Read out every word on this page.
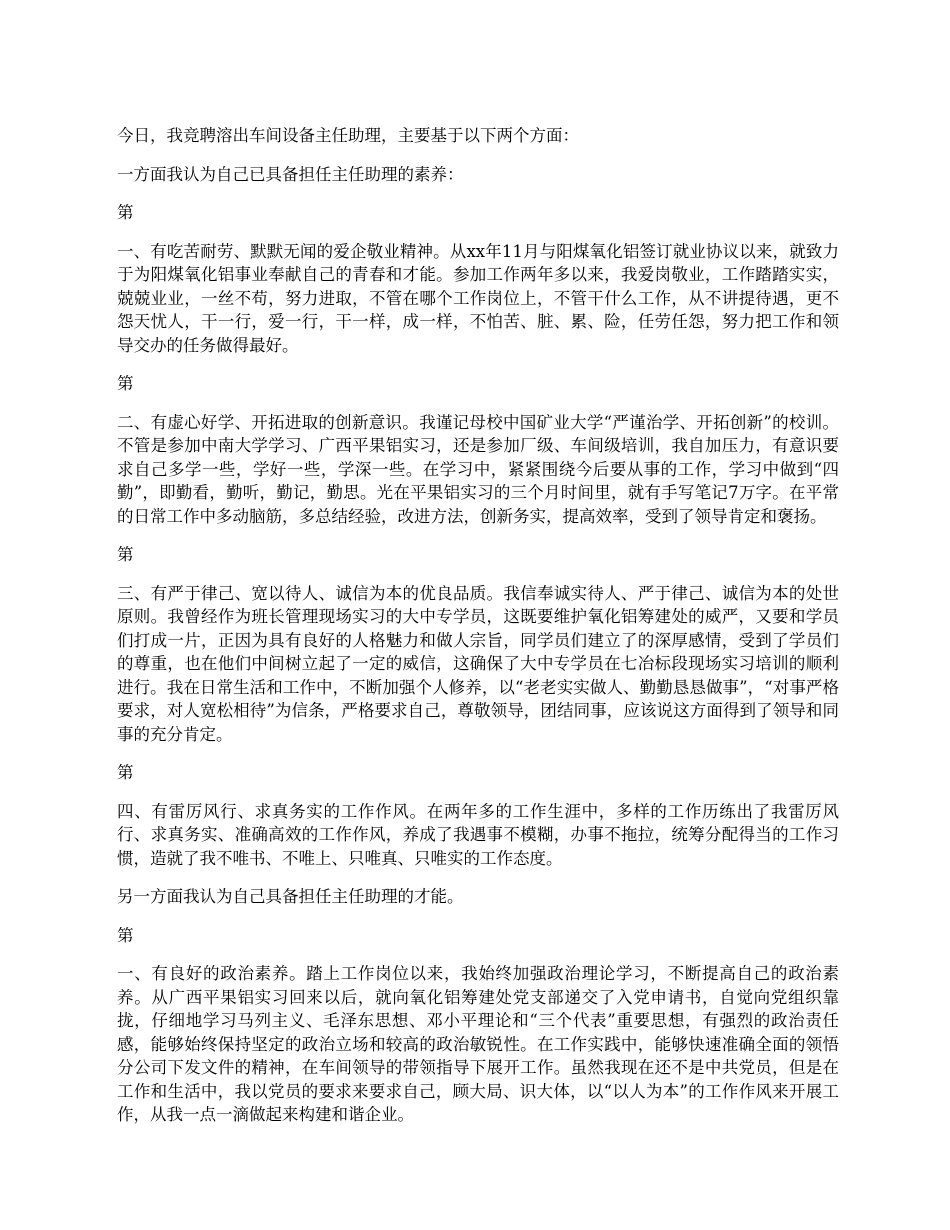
今日，我竞聘溶出车间设备主任助理，主要基于以下两个方面：

一方面我认为自己已具备担任主任助理的素养：

第

一、有吃苦耐劳、默默无闻的爱企敬业精神。从xx年11月与阳煤氧化铝签订就业协议以来，就致力于为阳煤氧化铝事业奉献自己的青春和才能。参加工作两年多以来，我爱岗敬业，工作踏踏实实，兢兢业业，一丝不苟，努力进取，不管在哪个工作岗位上，不管干什么工作，从不讲提待遇，更不怨天忧人，干一行，爱一行，干一样，成一样，不怕苦、脏、累、险，任劳任怨，努力把工作和领导交办的任务做得最好。

第

二、有虚心好学、开拓进取的创新意识。我谨记母校中国矿业大学“严谨治学、开拓创新”的校训。不管是参加中南大学学习、广西平果铝实习，还是参加厂级、车间级培训，我自加压力，有意识要求自己多学一些，学好一些，学深一些。在学习中，紧紧围绕今后要从事的工作，学习中做到“四勤”，即勤看，勤听，勤记，勤思。光在平果铝实习的三个月时间里，就有手写笔记7万字。在平常的日常工作中多动脑筋，多总结经验，改进方法，创新务实，提高效率，受到了领导肯定和褒扬。

第

三、有严于律己、宽以待人、诚信为本的优良品质。我信奉诚实待人、严于律己、诚信为本的处世原则。我曾经作为班长管理现场实习的大中专学员，这既要维护氧化铝筹建处的威严，又要和学员们打成一片，正因为具有良好的人格魅力和做人宗旨，同学员们建立了的深厚感情，受到了学员们的尊重，也在他们中间树立起了一定的威信，这确保了大中专学员在七冶标段现场实习培训的顺利进行。我在日常生活和工作中，不断加强个人修养，以“老老实实做人、勤勤恳恳做事”，“对事严格要求，对人宽松相待”为信条，严格要求自己，尊敬领导，团结同事，应该说这方面得到了领导和同事的充分肯定。

第

四、有雷厉风行、求真务实的工作作风。在两年多的工作生涯中，多样的工作历练出了我雷厉风行、求真务实、准确高效的工作作风，养成了我遇事不模糊，办事不拖拉，统筹分配得当的工作习惯，造就了我不唯书、不唯上、只唯真、只唯实的工作态度。

另一方面我认为自己具备担任主任助理的才能。

第

一、有良好的政治素养。踏上工作岗位以来，我始终加强政治理论学习，不断提高自己的政治素养。从广西平果铝实习回来以后，就向氧化铝筹建处党支部递交了入党申请书，自觉向党组织靠拢，仔细地学习马列主义、毛泽东思想、邓小平理论和“三个代表”重要思想，有强烈的政治责任感，能够始终保持坚定的政治立场和较高的政治敏锐性。在工作实践中，能够快速准确全面的领悟分公司下发文件的精神，在车间领导的带领指导下展开工作。虽然我现在还不是中共党员，但是在工作和生活中，我以党员的要求来要求自己，顾大局、识大体，以“以人为本”的工作作风来开展工作，从我一点一滴做起来构建和谐企业。
